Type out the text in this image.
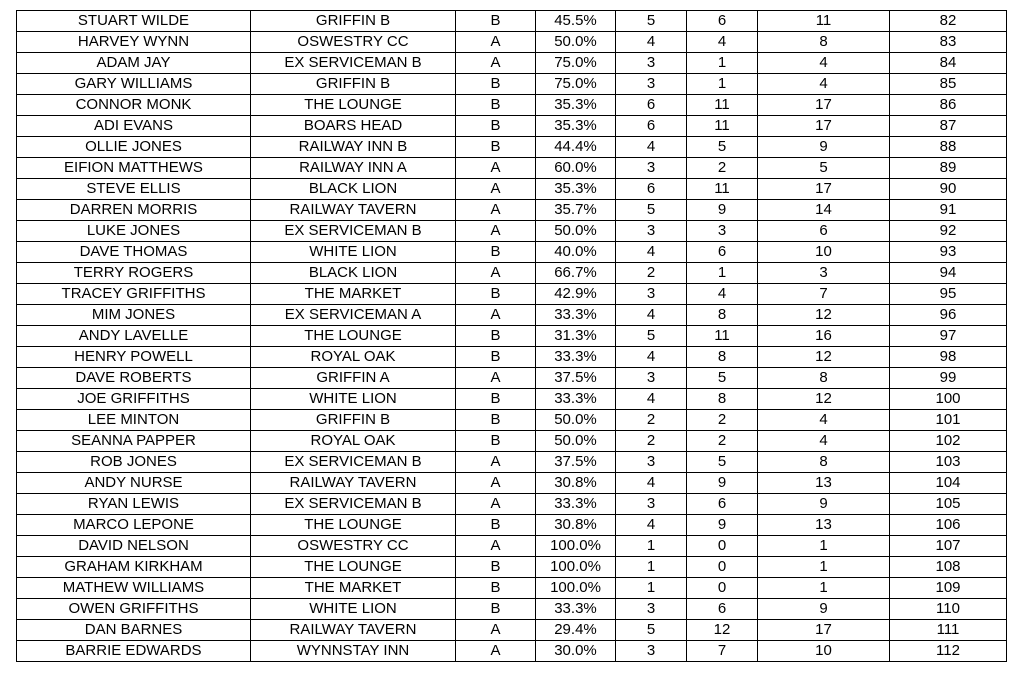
STUART WILDE	GRIFFIN B	B	45.5%	5	6	11	82
HARVEY WYNN	OSWESTRY CC	A	50.0%	4	4	8	83
ADAM JAY	EX SERVICEMAN B	A	75.0%	3	1	4	84
GARY WILLIAMS	GRIFFIN B	B	75.0%	3	1	4	85
CONNOR MONK	THE LOUNGE	B	35.3%	6	11	17	86
ADI EVANS	BOARS HEAD	B	35.3%	6	11	17	87
OLLIE JONES	RAILWAY INN B	B	44.4%	4	5	9	88
EIFION MATTHEWS	RAILWAY INN A	A	60.0%	3	2	5	89
STEVE ELLIS	BLACK LION	A	35.3%	6	11	17	90
DARREN MORRIS	RAILWAY TAVERN	A	35.7%	5	9	14	91
LUKE JONES	EX SERVICEMAN B	A	50.0%	3	3	6	92
DAVE THOMAS	WHITE LION	B	40.0%	4	6	10	93
TERRY ROGERS	BLACK LION	A	66.7%	2	1	3	94
TRACEY GRIFFITHS	THE MARKET	B	42.9%	3	4	7	95
MIM JONES	EX SERVICEMAN A	A	33.3%	4	8	12	96
ANDY LAVELLE	THE LOUNGE	B	31.3%	5	11	16	97
HENRY POWELL	ROYAL OAK	B	33.3%	4	8	12	98
DAVE ROBERTS	GRIFFIN A	A	37.5%	3	5	8	99
JOE GRIFFITHS	WHITE LION	B	33.3%	4	8	12	100
LEE MINTON	GRIFFIN B	B	50.0%	2	2	4	101
SEANNA PAPPER	ROYAL OAK	B	50.0%	2	2	4	102
ROB JONES	EX SERVICEMAN B	A	37.5%	3	5	8	103
ANDY NURSE	RAILWAY TAVERN	A	30.8%	4	9	13	104
RYAN LEWIS	EX SERVICEMAN B	A	33.3%	3	6	9	105
MARCO LEPONE	THE LOUNGE	B	30.8%	4	9	13	106
DAVID NELSON	OSWESTRY CC	A	100.0%	1	0	1	107
GRAHAM KIRKHAM	THE LOUNGE	B	100.0%	1	0	1	108
MATHEW WILLIAMS	THE MARKET	B	100.0%	1	0	1	109
OWEN GRIFFITHS	WHITE LION	B	33.3%	3	6	9	110
DAN BARNES	RAILWAY TAVERN	A	29.4%	5	12	17	111
BARRIE EDWARDS	WYNNSTAY INN	A	30.0%	3	7	10	112
